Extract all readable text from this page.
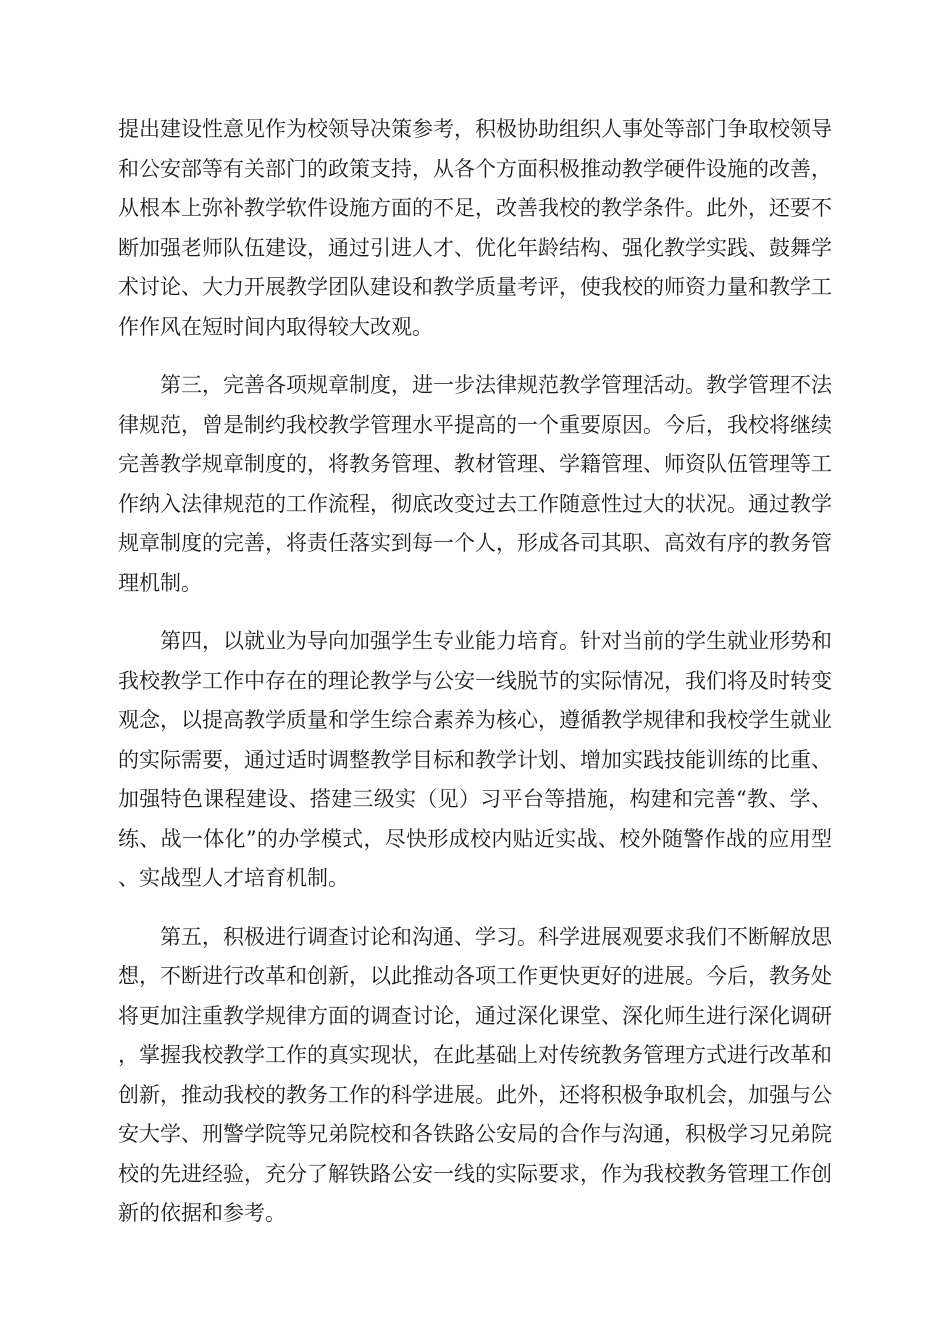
提出建设性意见作为校领导决策参考，积极协助组织人事处等部门争取校领导和公安部等有关部门的政策支持，从各个方面积极推动教学硬件设施的改善，从根本上弥补教学软件设施方面的不足，改善我校的教学条件。此外，还要不断加强老师队伍建设，通过引进人才、优化年龄结构、强化教学实践、鼓舞学术讨论、大力开展教学团队建设和教学质量考评，使我校的师资力量和教学工作作风在短时间内取得较大改观。

第三，完善各项规章制度，进一步法律规范教学管理活动。教学管理不法律规范，曾是制约我校教学管理水平提高的一个重要原因。今后，我校将继续完善教学规章制度的，将教务管理、教材管理、学籍管理、师资队伍管理等工作纳入法律规范的工作流程，彻底改变过去工作随意性过大的状况。通过教学规章制度的完善，将责任落实到每一个人，形成各司其职、高效有序的教务管理机制。

第四，以就业为导向加强学生专业能力培育。针对当前的学生就业形势和我校教学工作中存在的理论教学与公安一线脱节的实际情况，我们将及时转变观念，以提高教学质量和学生综合素养为核心，遵循教学规律和我校学生就业的实际需要，通过适时调整教学目标和教学计划、增加实践技能训练的比重、加强特色课程建设、搭建三级实（见）习平台等措施，构建和完善“教、学、练、战一体化”的办学模式，尽快形成校内贴近实战、校外随警作战的应用型、实战型人才培育机制。

第五，积极进行调查讨论和沟通、学习。科学进展观要求我们不断解放思想，不断进行改革和创新，以此推动各项工作更快更好的进展。今后，教务处将更加注重教学规律方面的调查讨论，通过深化课堂、深化师生进行深化调研，掌握我校教学工作的真实现状，在此基础上对传统教务管理方式进行改革和创新，推动我校的教务工作的科学进展。此外，还将积极争取机会，加强与公安大学、刑警学院等兄弟院校和各铁路公安局的合作与沟通，积极学习兄弟院校的先进经验，充分了解铁路公安一线的实际要求，作为我校教务管理工作创新的依据和参考。
